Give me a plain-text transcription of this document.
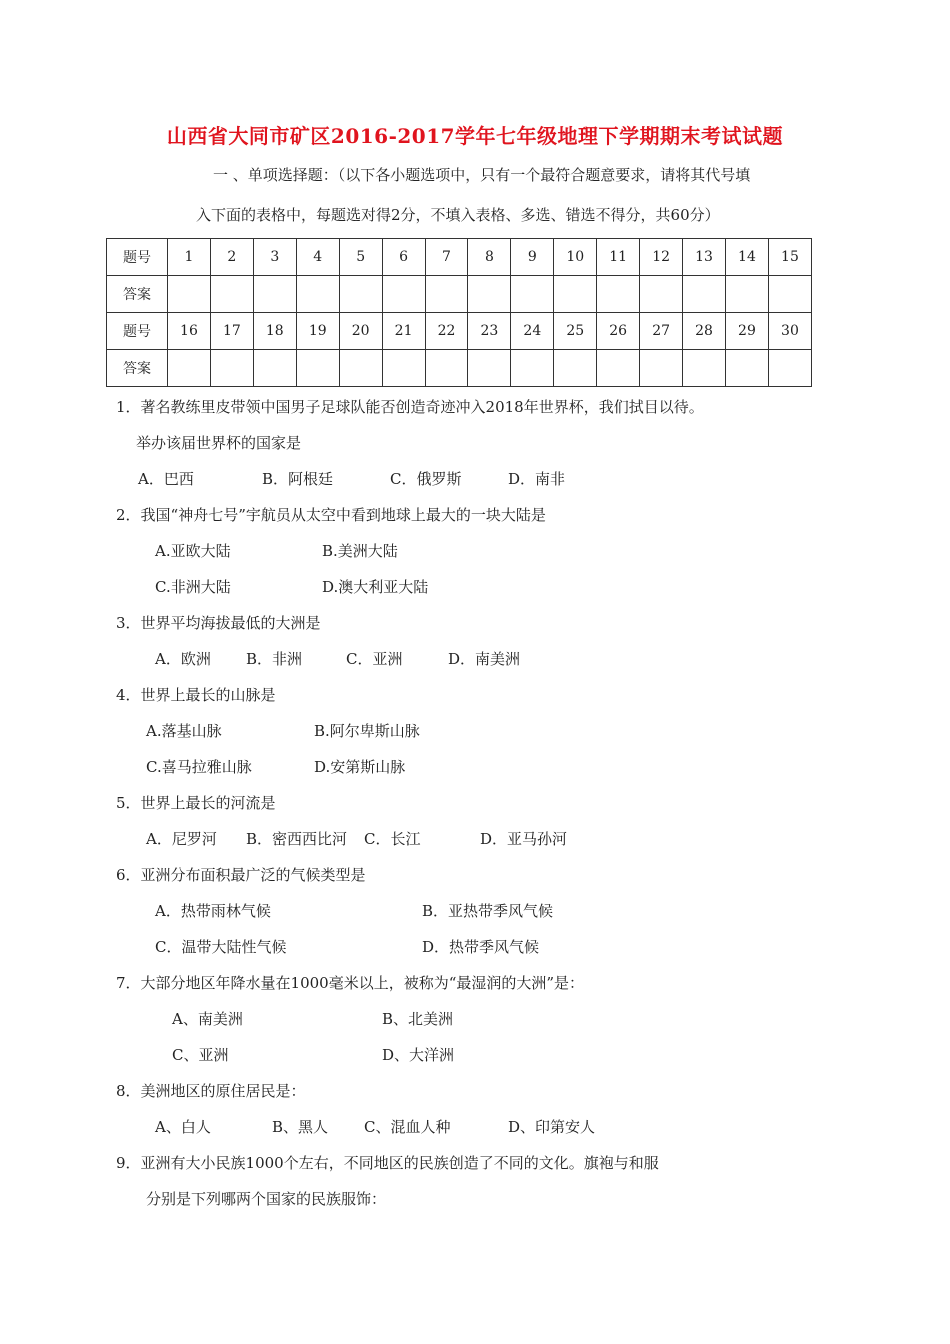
山西省大同市矿区2016-2017学年七年级地理下学期期末考试试题
一 、单项选择题：（以下各小题选项中，只有一个最符合题意要求，请将其代号填
入下面的表格中，每题选对得2分，不填入表格、多选、错选不得分，共60分）
题号	1	2	3	4	5	6	7	8	9	10	11	12	13	14	15
答案															
题号	16	17	18	19	20	21	22	23	24	25	26	27	28	29	30
答案															
1．著名教练里皮带领中国男子足球队能否创造奇迹冲入2018年世界杯，我们拭目以待。
举办该届世界杯的国家是
A．巴西	B．阿根廷	C．俄罗斯	D．南非
2．我国“神舟七号”宇航员从太空中看到地球上最大的一块大陆是
A.亚欧大陆	B.美洲大陆
C.非洲大陆	D.澳大利亚大陆
3．世界平均海拔最低的大洲是
A．欧洲 B．非洲	C．亚洲	D．南美洲
4．世界上最长的山脉是
A.落基山脉	B.阿尔卑斯山脉
C.喜马拉雅山脉	D.安第斯山脉
5．世界上最长的河流是
A．尼罗河 B．密西西比河 C．长江	D．亚马孙河
6．亚洲分布面积最广泛的气候类型是
A．热带雨林气候	B．亚热带季风气候
C．温带大陆性气候	D．热带季风气候
7．大部分地区年降水量在1000毫米以上，被称为“最湿润的大洲”是：
A、南美洲	B、北美洲
C、亚洲	D、大洋洲
8．美洲地区的原住居民是：
A、白人	B、黑人 C、混血人种	D、印第安人
9．亚洲有大小民族1000个左右，不同地区的民族创造了不同的文化。旗袍与和服
分别是下列哪两个国家的民族服饰：
